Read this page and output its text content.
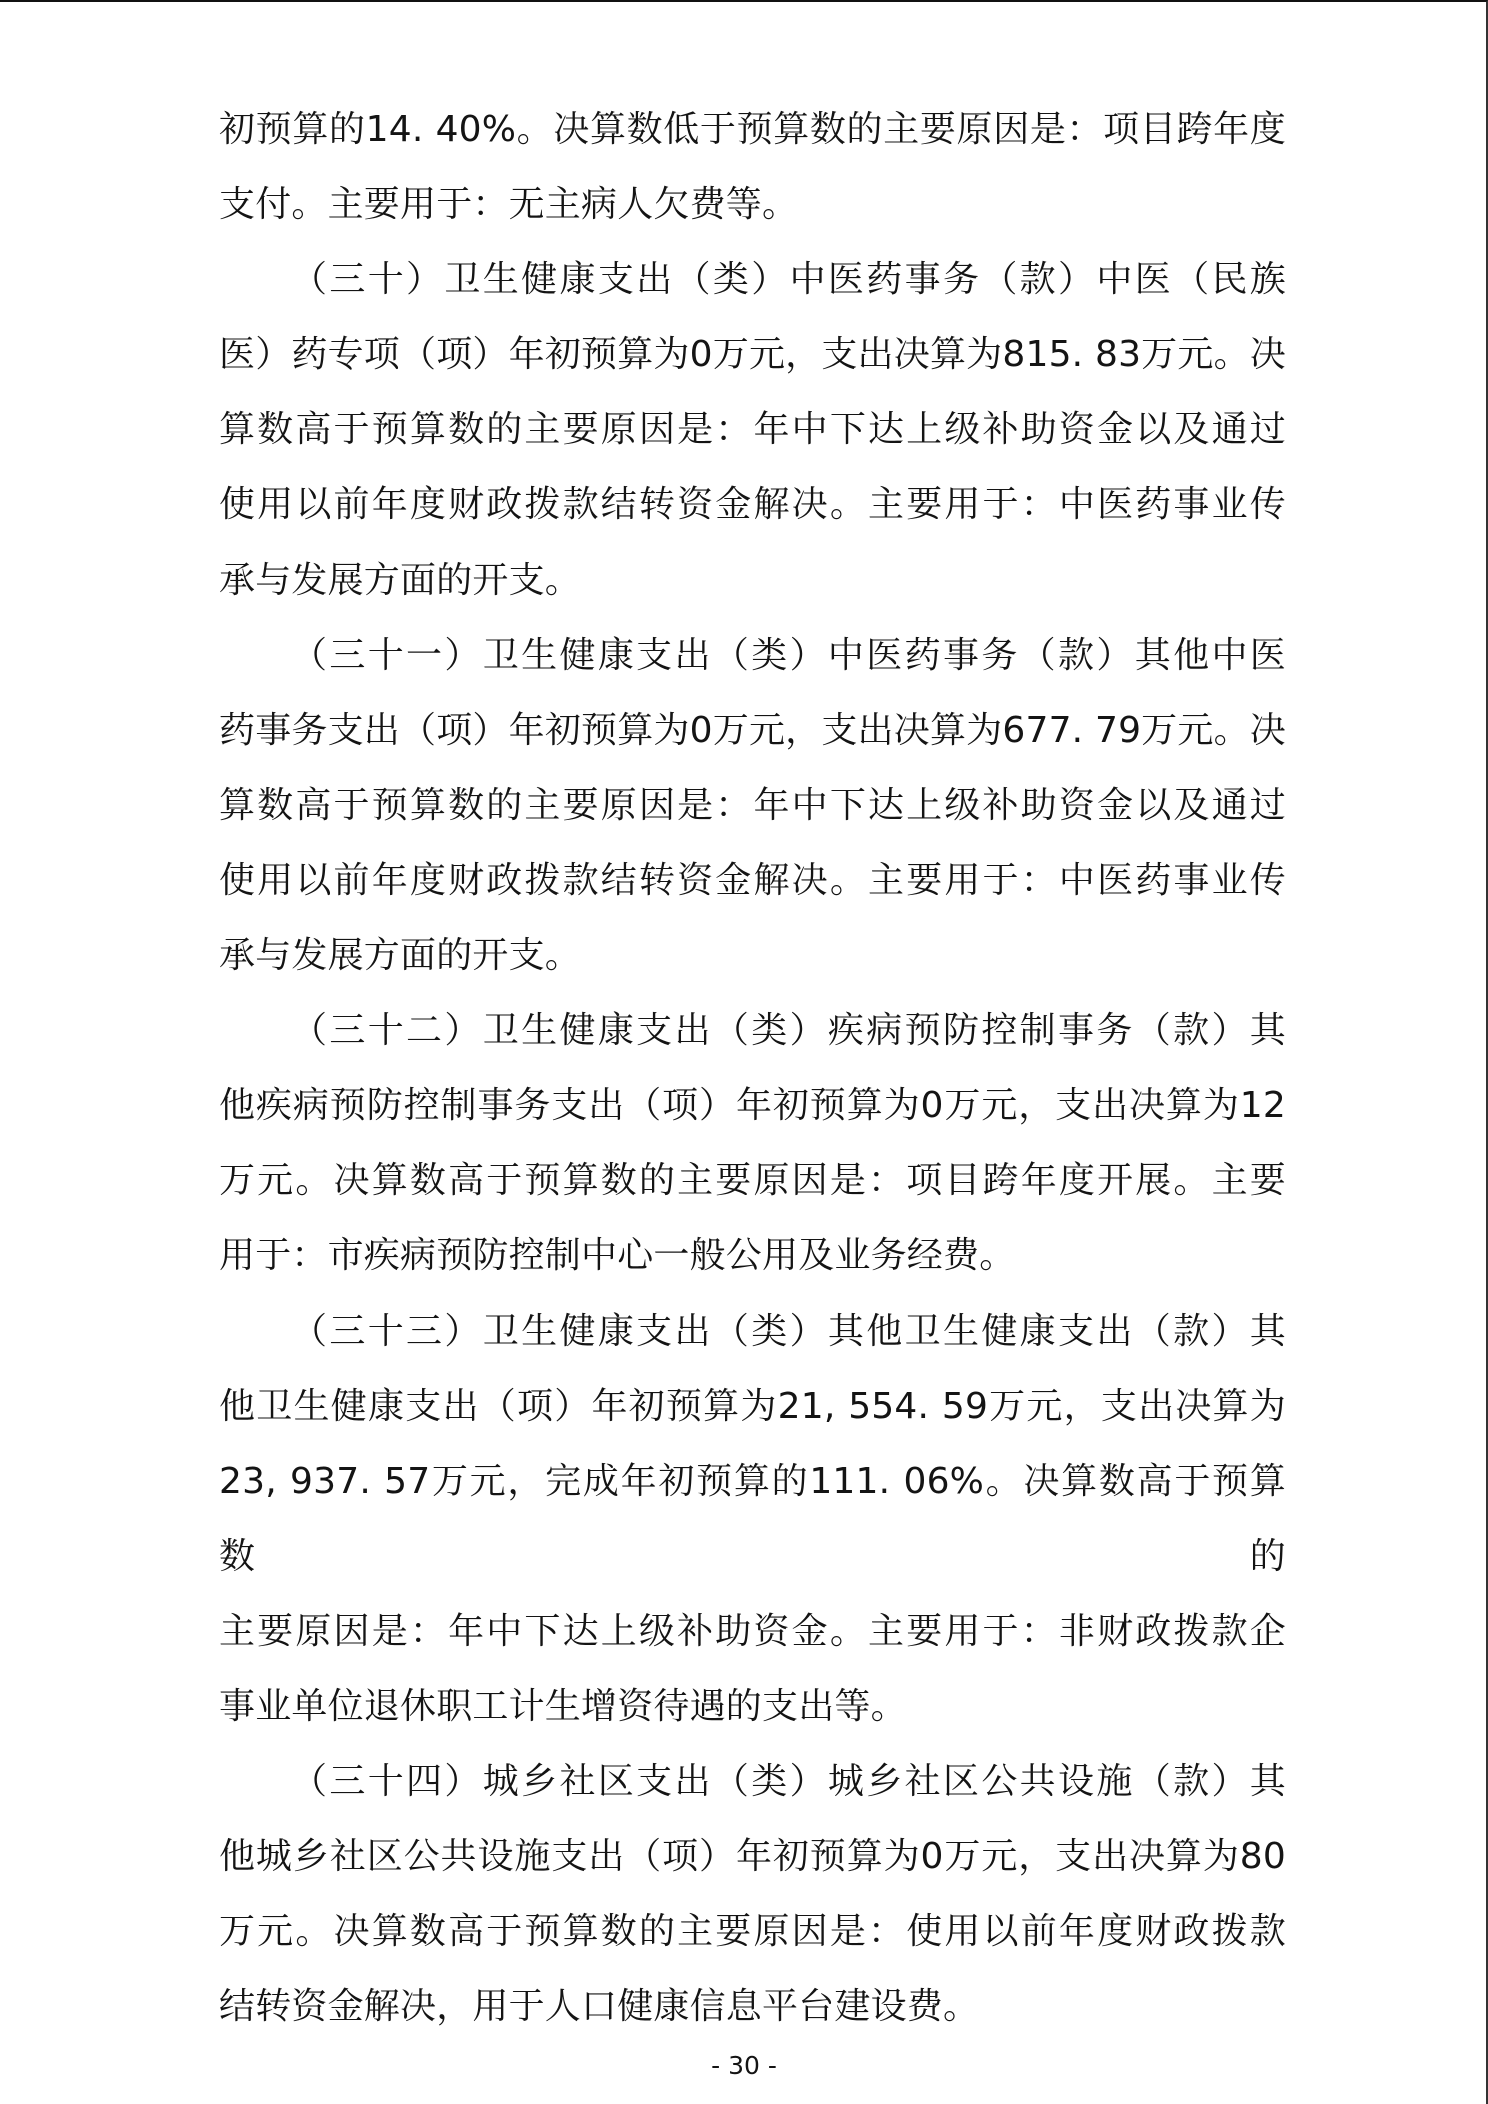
初预算的14. 40%。决算数低于预算数的主要原因是：项目跨年度
支付。主要用于：无主病人欠费等。
（三十）卫生健康支出（类）中医药事务（款）中医（民族
医）药专项（项）年初预算为0万元，支出决算为815. 83万元。决
算数高于预算数的主要原因是：年中下达上级补助资金以及通过
使用以前年度财政拨款结转资金解决。主要用于：中医药事业传
承与发展方面的开支。
（三十一）卫生健康支出（类）中医药事务（款）其他中医
药事务支出（项）年初预算为0万元，支出决算为677. 79万元。决
算数高于预算数的主要原因是：年中下达上级补助资金以及通过
使用以前年度财政拨款结转资金解决。主要用于：中医药事业传
承与发展方面的开支。
（三十二）卫生健康支出（类）疾病预防控制事务（款）其
他疾病预防控制事务支出（项）年初预算为0万元，支出决算为12
万元。决算数高于预算数的主要原因是：项目跨年度开展。主要
用于：市疾病预防控制中心一般公用及业务经费。
（三十三）卫生健康支出（类）其他卫生健康支出（款）其
他卫生健康支出（项）年初预算为21, 554. 59万元，支出决算为
23, 937. 57万元，完成年初预算的111. 06%。决算数高于预算数的
主要原因是：年中下达上级补助资金。主要用于：非财政拨款企
事业单位退休职工计生增资待遇的支出等。
（三十四）城乡社区支出（类）城乡社区公共设施（款）其
他城乡社区公共设施支出（项）年初预算为0万元，支出决算为80
万元。决算数高于预算数的主要原因是：使用以前年度财政拨款
结转资金解决，用于人口健康信息平台建设费。
- 30 -
